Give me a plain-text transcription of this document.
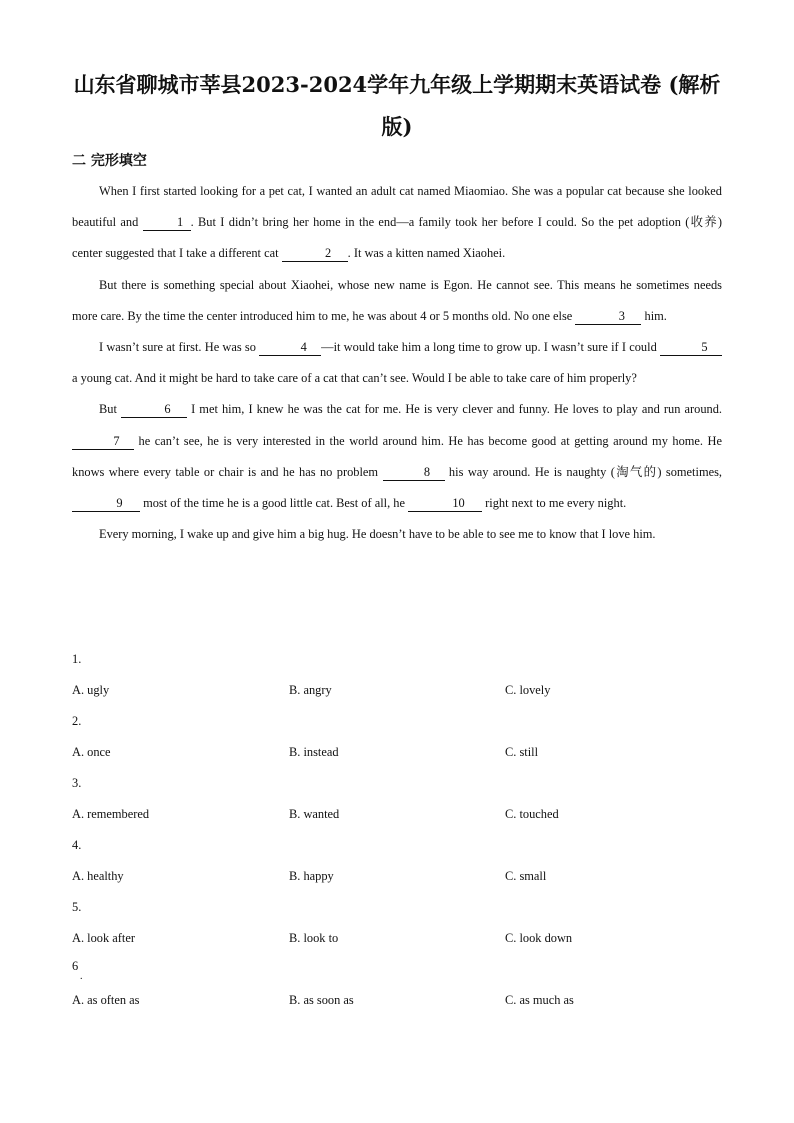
山东省聊城市莘县2023-2024学年九年级上学期期末英语试卷 (解析版)
二 完形填空

When I first started looking for a pet cat, I wanted an adult cat named Miaomiao. She was a popular cat because she looked beautiful and	1 . But I didn’t bring her home in the end—a family took her before I could. So the pet adoption (收养) center suggested that I take a different cat	2 . It was a kitten named Xiaohei.

But there is something special about Xiaohei, whose new name is Egon. He cannot see. This means he sometimes needs more care. By the time the center introduced him to me, he was about 4 or 5 months old. No one else	3 him.

I wasn’t sure at first. He was so	4 —it would take him a long time to grow up. I wasn’t sure if I could	5 a young cat. And it might be hard to take care of a cat that can’t see. Would I be able to take care of him properly?

But	6 I met him, I knew he was the cat for me. He is very clever and funny. He loves to play and run around. 7 he can’t see, he is very interested in the world around him. He has become good at getting around my home. He knows where every table or chair is and he has no problem	8 his way around. He is naughty (淘气的) sometimes, 9 most of the time he is a good little cat. Best of all, he	10 right next to me every night.

Every morning, I wake up and give him a big hug. He doesn’t have to be able to see me to know that I love him.

1.
A. ugly	B. angry	C. lovely
2.
A. once	B. instead	C. still
3.
A. remembered	B. wanted	C. touched
4.
A. healthy	B. happy	C. small
5.
A. look after	B. look to	C. look down
6
.
A. as often as	B. as soon as	C. as much as
